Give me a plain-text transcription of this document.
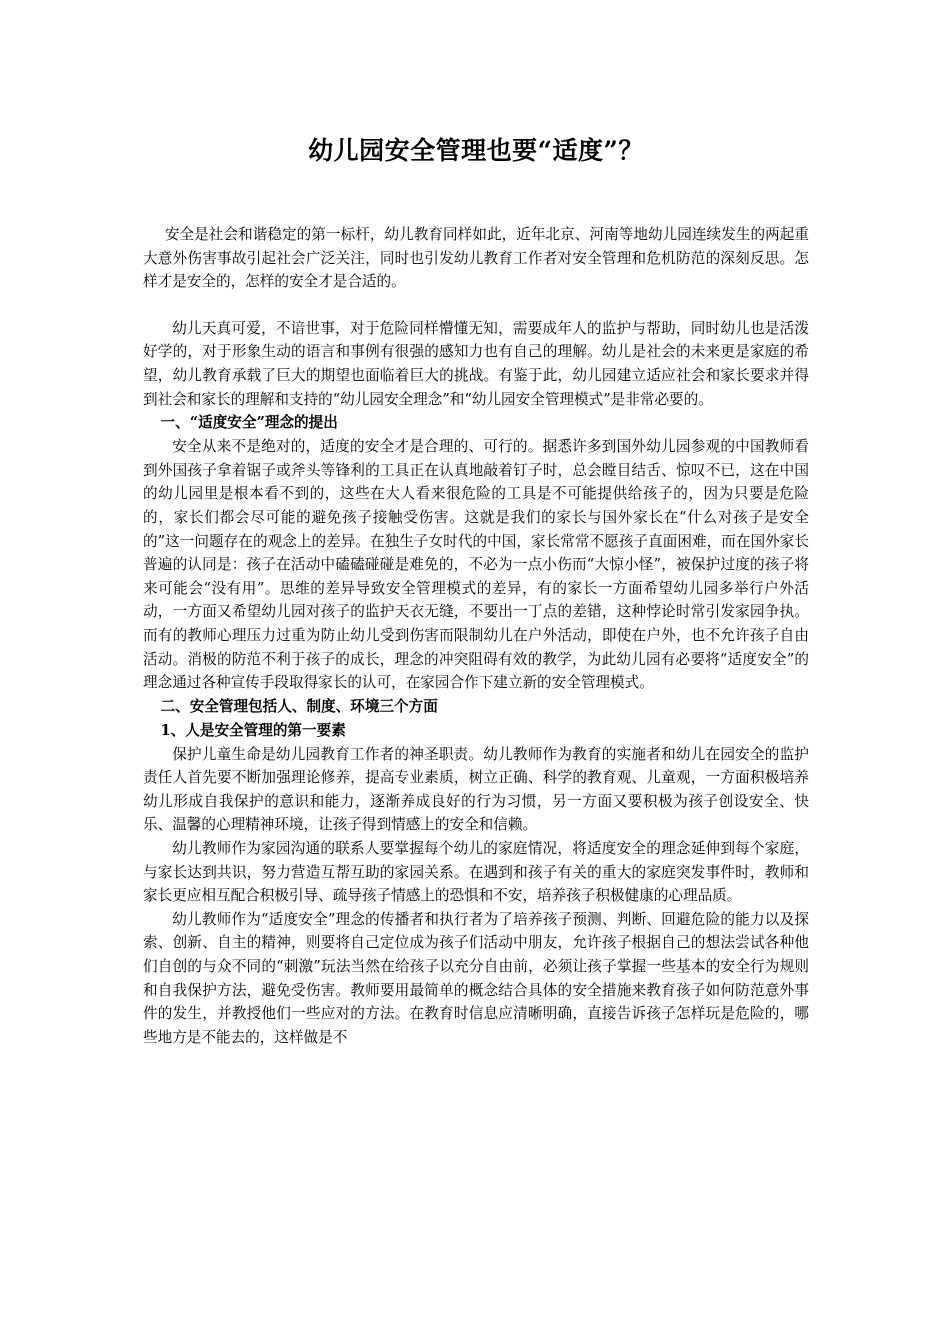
幼儿园安全管理也要“适度”？

安全是社会和谐稳定的第一标杆，幼儿教育同样如此，近年北京、河南等地幼儿园连续发生的两起重大意外伤害事故引起社会广泛关注，同时也引发幼儿教育工作者对安全管理和危机防范的深刻反思。怎样才是安全的，怎样的安全才是合适的。

幼儿天真可爱，不谙世事，对于危险同样懵懂无知，需要成年人的监护与帮助，同时幼儿也是活泼好学的，对于形象生动的语言和事例有很强的感知力也有自己的理解。幼儿是社会的未来更是家庭的希望，幼儿教育承载了巨大的期望也面临着巨大的挑战。有鉴于此，幼儿园建立适应社会和家长要求并得到社会和家长的理解和支持的“幼儿园安全理念”和“幼儿园安全管理模式”是非常必要的。

一、“适度安全”理念的提出

安全从来不是绝对的，适度的安全才是合理的、可行的。据悉许多到国外幼儿园参观的中国教师看到外国孩子拿着锯子或斧头等锋利的工具正在认真地敲着钉子时，总会瞠目结舌、惊叹不已，这在中国的幼儿园里是根本看不到的，这些在大人看来很危险的工具是不可能提供给孩子的，因为只要是危险的，家长们都会尽可能的避免孩子接触受伤害。这就是我们的家长与国外家长在“什么对孩子是安全的”这一问题存在的观念上的差异。在独生子女时代的中国，家长常常不愿孩子直面困难，而在国外家长普遍的认同是：孩子在活动中磕磕碰碰是难免的，不必为一点小伤而“大惊小怪”，被保护过度的孩子将来可能会“没有用”。思维的差异导致安全管理模式的差异，有的家长一方面希望幼儿园多举行户外活动，一方面又希望幼儿园对孩子的监护天衣无缝，不要出一丁点的差错，这种悖论时常引发家园争执。而有的教师心理压力过重为防止幼儿受到伤害而限制幼儿在户外活动，即使在户外，也不允许孩子自由活动。消极的防范不利于孩子的成长，理念的冲突阻碍有效的教学，为此幼儿园有必要将“适度安全”的理念通过各种宣传手段取得家长的认可，在家园合作下建立新的安全管理模式。

二、安全管理包括人、制度、环境三个方面

1、人是安全管理的第一要素

保护儿童生命是幼儿园教育工作者的神圣职责。幼儿教师作为教育的实施者和幼儿在园安全的监护责任人首先要不断加强理论修养，提高专业素质，树立正确、科学的教育观、儿童观，一方面积极培养幼儿形成自我保护的意识和能力，逐渐养成良好的行为习惯，另一方面又要积极为孩子创设安全、快乐、温馨的心理精神环境，让孩子得到情感上的安全和信赖。

幼儿教师作为家园沟通的联系人要掌握每个幼儿的家庭情况，将适度安全的理念延伸到每个家庭，与家长达到共识，努力营造互帮互助的家园关系。在遇到和孩子有关的重大的家庭突发事件时，教师和家长更应相互配合积极引导、疏导孩子情感上的恐惧和不安，培养孩子积极健康的心理品质。

幼儿教师作为“适度安全”理念的传播者和执行者为了培养孩子预测、判断、回避危险的能力以及探索、创新、自主的精神，则要将自己定位成为孩子们活动中朋友，允许孩子根据自己的想法尝试各种他们自创的与众不同的“刺激”玩法当然在给孩子以充分自由前，必须让孩子掌握一些基本的安全行为规则和自我保护方法，避免受伤害。教师要用最简单的概念结合具体的安全措施来教育孩子如何防范意外事件的发生，并教授他们一些应对的方法。在教育时信息应清晰明确，直接告诉孩子怎样玩是危险的，哪些地方是不能去的，这样做是不
